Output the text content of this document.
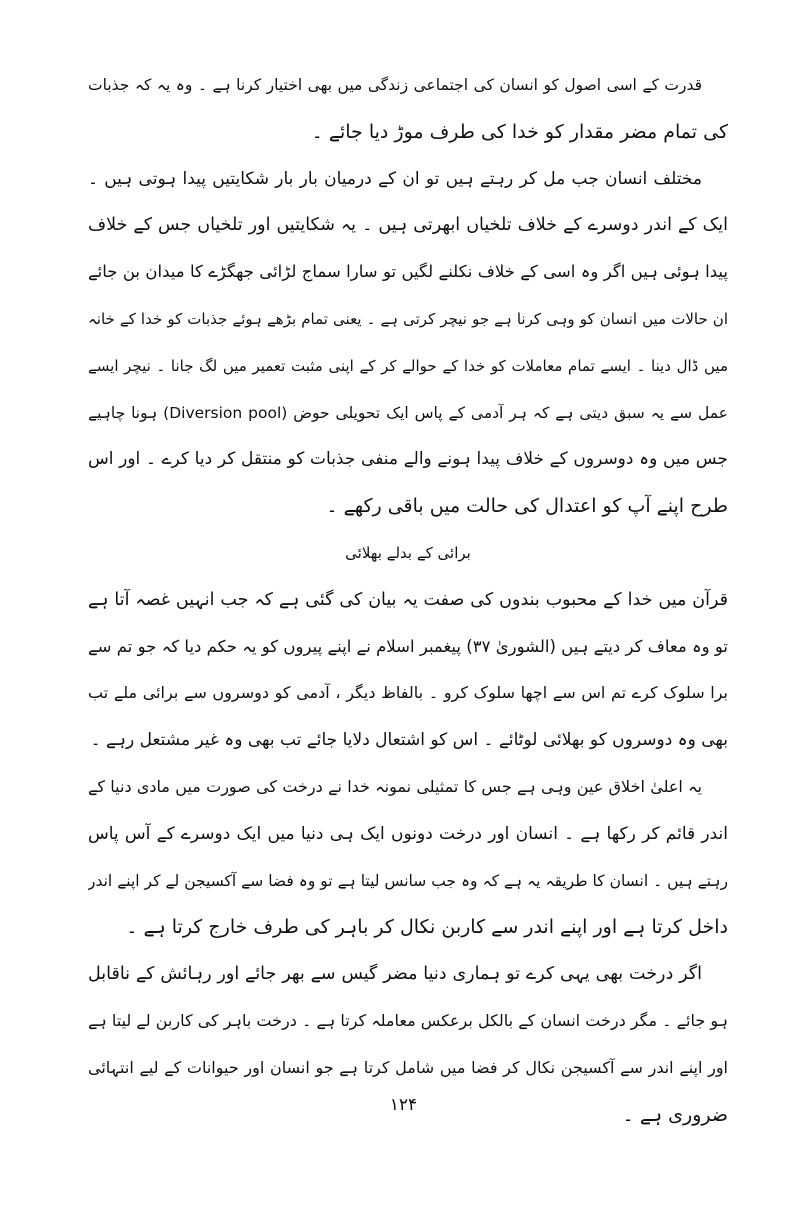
قدرت کے اسی اصول کو انسان کی اجتماعی زندگی میں بھی اختیار کرنا ہے ۔ وہ یہ کہ جذبات
کی تمام مضر مقدار کو خدا کی طرف موڑ دیا جائے ۔
مختلف انسان جب مل کر رہتے ہیں تو ان کے درمیان بار بار شکایتیں پیدا ہوتی ہیں ۔
ایک کے اندر دوسرے کے خلاف تلخیاں ابھرتی ہیں ۔ یہ شکایتیں اور تلخیاں جس کے خلاف
پیدا ہوئی ہیں اگر وہ اسی کے خلاف نکلنے لگیں تو سارا سماج لڑائی جھگڑے کا میدان بن جائے
ان حالات میں انسان کو وہی کرنا ہے جو نیچر کرتی ہے ۔ یعنی تمام بڑھے ہوئے جذبات کو خدا کے خانہ
میں ڈال دینا ۔ ایسے تمام معاملات کو خدا کے حوالے کر کے اپنی مثبت تعمیر میں لگ جانا ۔ نیچر ایسے
عمل سے یہ سبق دیتی ہے کہ ہر آدمی کے پاس ایک تحویلی حوض (Diversion pool) ہونا چاہیے
جس میں وہ دوسروں کے خلاف پیدا ہونے والے منفی جذبات کو منتقل کر دیا کرے ۔ اور اس
طرح اپنے آپ کو اعتدال کی حالت میں باقی رکھے ۔
برائی کے بدلے بھلائی
قرآن میں خدا کے محبوب بندوں کی صفت یہ بیان کی گئی ہے کہ جب انہیں غصہ آتا ہے
تو وہ معاف کر دیتے ہیں (الشوریٰ ۳۷) پیغمبر اسلام نے اپنے پیروں کو یہ حکم دیا کہ جو تم سے
برا سلوک کرے تم اس سے اچھا سلوک کرو ۔ بالفاظ دیگر ، آدمی کو دوسروں سے برائی ملے تب
بھی وہ دوسروں کو بھلائی لوٹائے ۔ اس کو اشتعال دلایا جائے تب بھی وہ غیر مشتعل رہے ۔
یہ اعلیٰ اخلاق عین وہی ہے جس کا تمثیلی نمونہ خدا نے درخت کی صورت میں مادی دنیا کے
اندر قائم کر رکھا ہے ۔ انسان اور درخت دونوں ایک ہی دنیا میں ایک دوسرے کے آس پاس
رہتے ہیں ۔ انسان کا طریقہ یہ ہے کہ وہ جب سانس لیتا ہے تو وہ فضا سے آکسیجن لے کر اپنے اندر
داخل کرتا ہے اور اپنے اندر سے کاربن نکال کر باہر کی طرف خارج کرتا ہے ۔
اگر درخت بھی یہی کرے تو ہماری دنیا مضر گیس سے بھر جائے اور رہائش کے ناقابل
ہو جائے ۔ مگر درخت انسان کے بالکل برعکس معاملہ کرتا ہے ۔ درخت باہر کی کاربن لے لیتا ہے
اور اپنے اندر سے آکسیجن نکال کر فضا میں شامل کرتا ہے جو انسان اور حیوانات کے لیے انتہائی
ضروری ہے ۔
۱۲۴
